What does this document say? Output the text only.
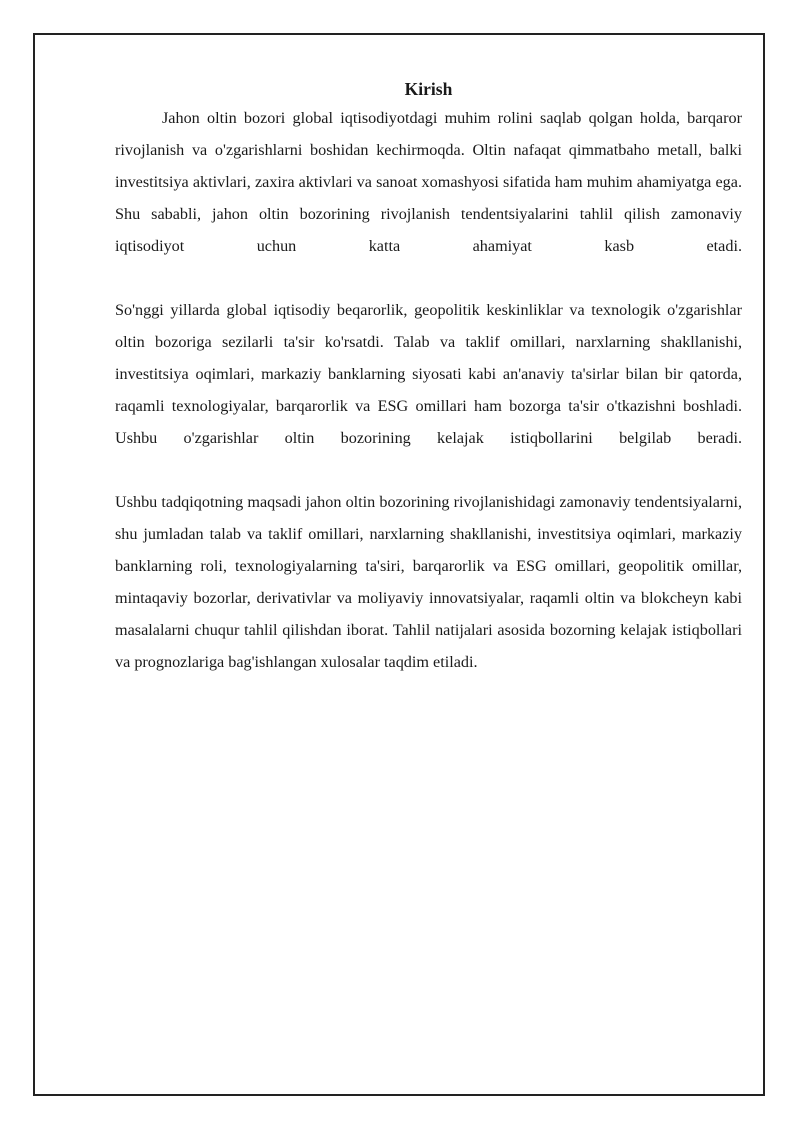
Kirish

Jahon oltin bozori global iqtisodiyotdagi muhim rolini saqlab qolgan holda, barqaror rivojlanish va o'zgarishlarni boshidan kechirmoqda. Oltin nafaqat qimmatbaho metall, balki investitsiya aktivlari, zaxira aktivlari va sanoat xomashyosi sifatida ham muhim ahamiyatga ega. Shu sababli, jahon oltin bozorining rivojlanish tendentsiyalarini tahlil qilish zamonaviy iqtisodiyot uchun katta ahamiyat kasb etadi.

So'nggi yillarda global iqtisodiy beqarorlik, geopolitik keskinliklar va texnologik o'zgarishlar oltin bozoriga sezilarli ta'sir ko'rsatdi. Talab va taklif omillari, narxlarning shakllanishi, investitsiya oqimlari, markaziy banklarning siyosati kabi an'anaviy ta'sirlar bilan bir qatorda, raqamli texnologiyalar, barqarorlik va ESG omillari ham bozorga ta'sir o'tkazishni boshladi. Ushbu o'zgarishlar oltin bozorining kelajak istiqbollarini belgilab beradi.

Ushbu tadqiqotning maqsadi jahon oltin bozorining rivojlanishidagi zamonaviy tendentsiyalarni, shu jumladan talab va taklif omillari, narxlarning shakllanishi, investitsiya oqimlari, markaziy banklarning roli, texnologiyalarning ta'siri, barqarorlik va ESG omillari, geopolitik omillar, mintaqaviy bozorlar, derivativlar va moliyaviy innovatsiyalar, raqamli oltin va blokcheyn kabi masalalarni chuqur tahlil qilishdan iborat. Tahlil natijalari asosida bozorning kelajak istiqbollari va prognozlariga bag'ishlangan xulosalar taqdim etiladi.
